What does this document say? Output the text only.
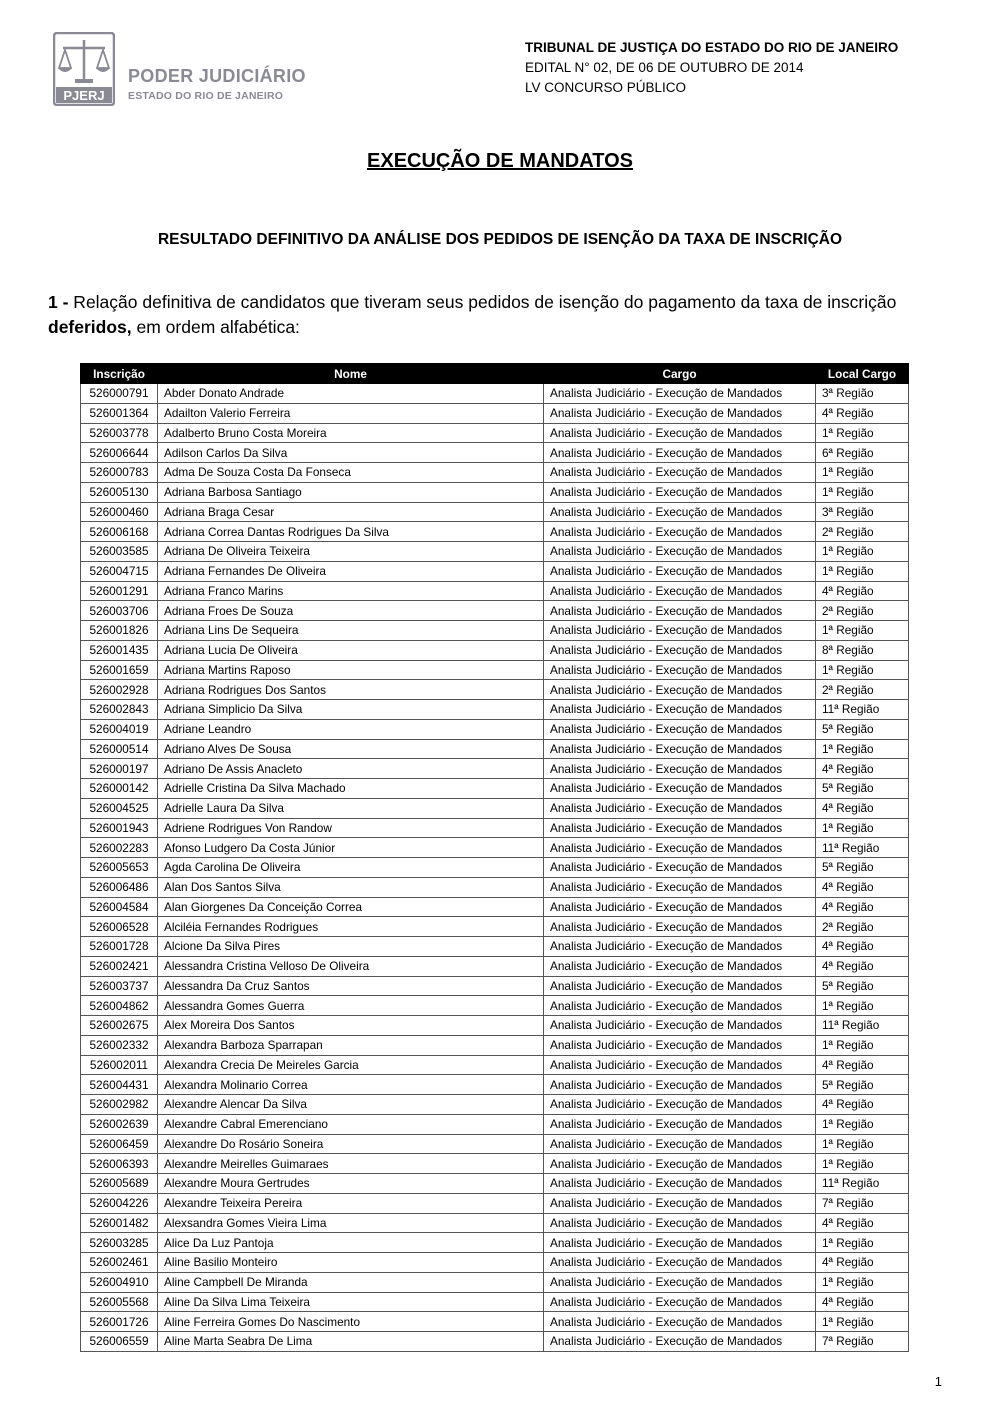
PJERJ
PODER JUDICIÁRIO
ESTADO DO RIO DE JANEIRO
TRIBUNAL DE JUSTIÇA DO ESTADO DO RIO DE JANEIRO
EDITAL N° 02, DE 06 DE OUTUBRO DE 2014
LV CONCURSO PÚBLICO
EXECUÇÃO DE MANDATOS
RESULTADO DEFINITIVO DA ANÁLISE DOS PEDIDOS DE ISENÇÃO DA TAXA DE INSCRIÇÃO
1 - Relação definitiva de candidatos que tiveram seus pedidos de isenção do pagamento da taxa de inscrição deferidos, em ordem alfabética:
Inscrição	Nome	Cargo	Local Cargo
526000791	Abder Donato Andrade	Analista Judiciário - Execução de Mandados	3ª Região
526001364	Adailton Valerio Ferreira	Analista Judiciário - Execução de Mandados	4ª Região
526003778	Adalberto Bruno Costa Moreira	Analista Judiciário - Execução de Mandados	1ª Região
526006644	Adilson Carlos Da Silva	Analista Judiciário - Execução de Mandados	6ª Região
526000783	Adma De Souza Costa Da Fonseca	Analista Judiciário - Execução de Mandados	1ª Região
526005130	Adriana Barbosa Santiago	Analista Judiciário - Execução de Mandados	1ª Região
526000460	Adriana Braga Cesar	Analista Judiciário - Execução de Mandados	3ª Região
526006168	Adriana Correa Dantas Rodrigues Da Silva	Analista Judiciário - Execução de Mandados	2ª Região
526003585	Adriana De Oliveira Teixeira	Analista Judiciário - Execução de Mandados	1ª Região
526004715	Adriana Fernandes De Oliveira	Analista Judiciário - Execução de Mandados	1ª Região
526001291	Adriana Franco Marins	Analista Judiciário - Execução de Mandados	4ª Região
526003706	Adriana Froes De Souza	Analista Judiciário - Execução de Mandados	2ª Região
526001826	Adriana Lins De Sequeira	Analista Judiciário - Execução de Mandados	1ª Região
526001435	Adriana Lucia De Oliveira	Analista Judiciário - Execução de Mandados	8ª Região
526001659	Adriana Martins Raposo	Analista Judiciário - Execução de Mandados	1ª Região
526002928	Adriana Rodrigues Dos Santos	Analista Judiciário - Execução de Mandados	2ª Região
526002843	Adriana Simplicio Da Silva	Analista Judiciário - Execução de Mandados	11ª Região
526004019	Adriane Leandro	Analista Judiciário - Execução de Mandados	5ª Região
526000514	Adriano Alves De Sousa	Analista Judiciário - Execução de Mandados	1ª Região
526000197	Adriano De Assis Anacleto	Analista Judiciário - Execução de Mandados	4ª Região
526000142	Adrielle Cristina Da Silva Machado	Analista Judiciário - Execução de Mandados	5ª Região
526004525	Adrielle Laura Da Silva	Analista Judiciário - Execução de Mandados	4ª Região
526001943	Adriene Rodrigues Von Randow	Analista Judiciário - Execução de Mandados	1ª Região
526002283	Afonso Ludgero Da Costa Júnior	Analista Judiciário - Execução de Mandados	11ª Região
526005653	Agda Carolina De Oliveira	Analista Judiciário - Execução de Mandados	5ª Região
526006486	Alan Dos Santos Silva	Analista Judiciário - Execução de Mandados	4ª Região
526004584	Alan Giorgenes Da Conceição Correa	Analista Judiciário - Execução de Mandados	4ª Região
526006528	Alciléia Fernandes Rodrigues	Analista Judiciário - Execução de Mandados	2ª Região
526001728	Alcione Da Silva Pires	Analista Judiciário - Execução de Mandados	4ª Região
526002421	Alessandra Cristina Velloso De Oliveira	Analista Judiciário - Execução de Mandados	4ª Região
526003737	Alessandra Da Cruz Santos	Analista Judiciário - Execução de Mandados	5ª Região
526004862	Alessandra Gomes Guerra	Analista Judiciário - Execução de Mandados	1ª Região
526002675	Alex Moreira Dos Santos	Analista Judiciário - Execução de Mandados	11ª Região
526002332	Alexandra Barboza Sparrapan	Analista Judiciário - Execução de Mandados	1ª Região
526002011	Alexandra Crecia De Meireles Garcia	Analista Judiciário - Execução de Mandados	4ª Região
526004431	Alexandra Molinario Correa	Analista Judiciário - Execução de Mandados	5ª Região
526002982	Alexandre Alencar Da Silva	Analista Judiciário - Execução de Mandados	4ª Região
526002639	Alexandre Cabral Emerenciano	Analista Judiciário - Execução de Mandados	1ª Região
526006459	Alexandre Do Rosário Soneira	Analista Judiciário - Execução de Mandados	1ª Região
526006393	Alexandre Meirelles Guimaraes	Analista Judiciário - Execução de Mandados	1ª Região
526005689	Alexandre Moura Gertrudes	Analista Judiciário - Execução de Mandados	11ª Região
526004226	Alexandre Teixeira Pereira	Analista Judiciário - Execução de Mandados	7ª Região
526001482	Alexsandra Gomes Vieira Lima	Analista Judiciário - Execução de Mandados	4ª Região
526003285	Alice Da Luz Pantoja	Analista Judiciário - Execução de Mandados	1ª Região
526002461	Aline Basilio Monteiro	Analista Judiciário - Execução de Mandados	4ª Região
526004910	Aline Campbell De Miranda	Analista Judiciário - Execução de Mandados	1ª Região
526005568	Aline Da Silva Lima Teixeira	Analista Judiciário - Execução de Mandados	4ª Região
526001726	Aline Ferreira Gomes Do Nascimento	Analista Judiciário - Execução de Mandados	1ª Região
526006559	Aline Marta Seabra De Lima	Analista Judiciário - Execução de Mandados	7ª Região
1
